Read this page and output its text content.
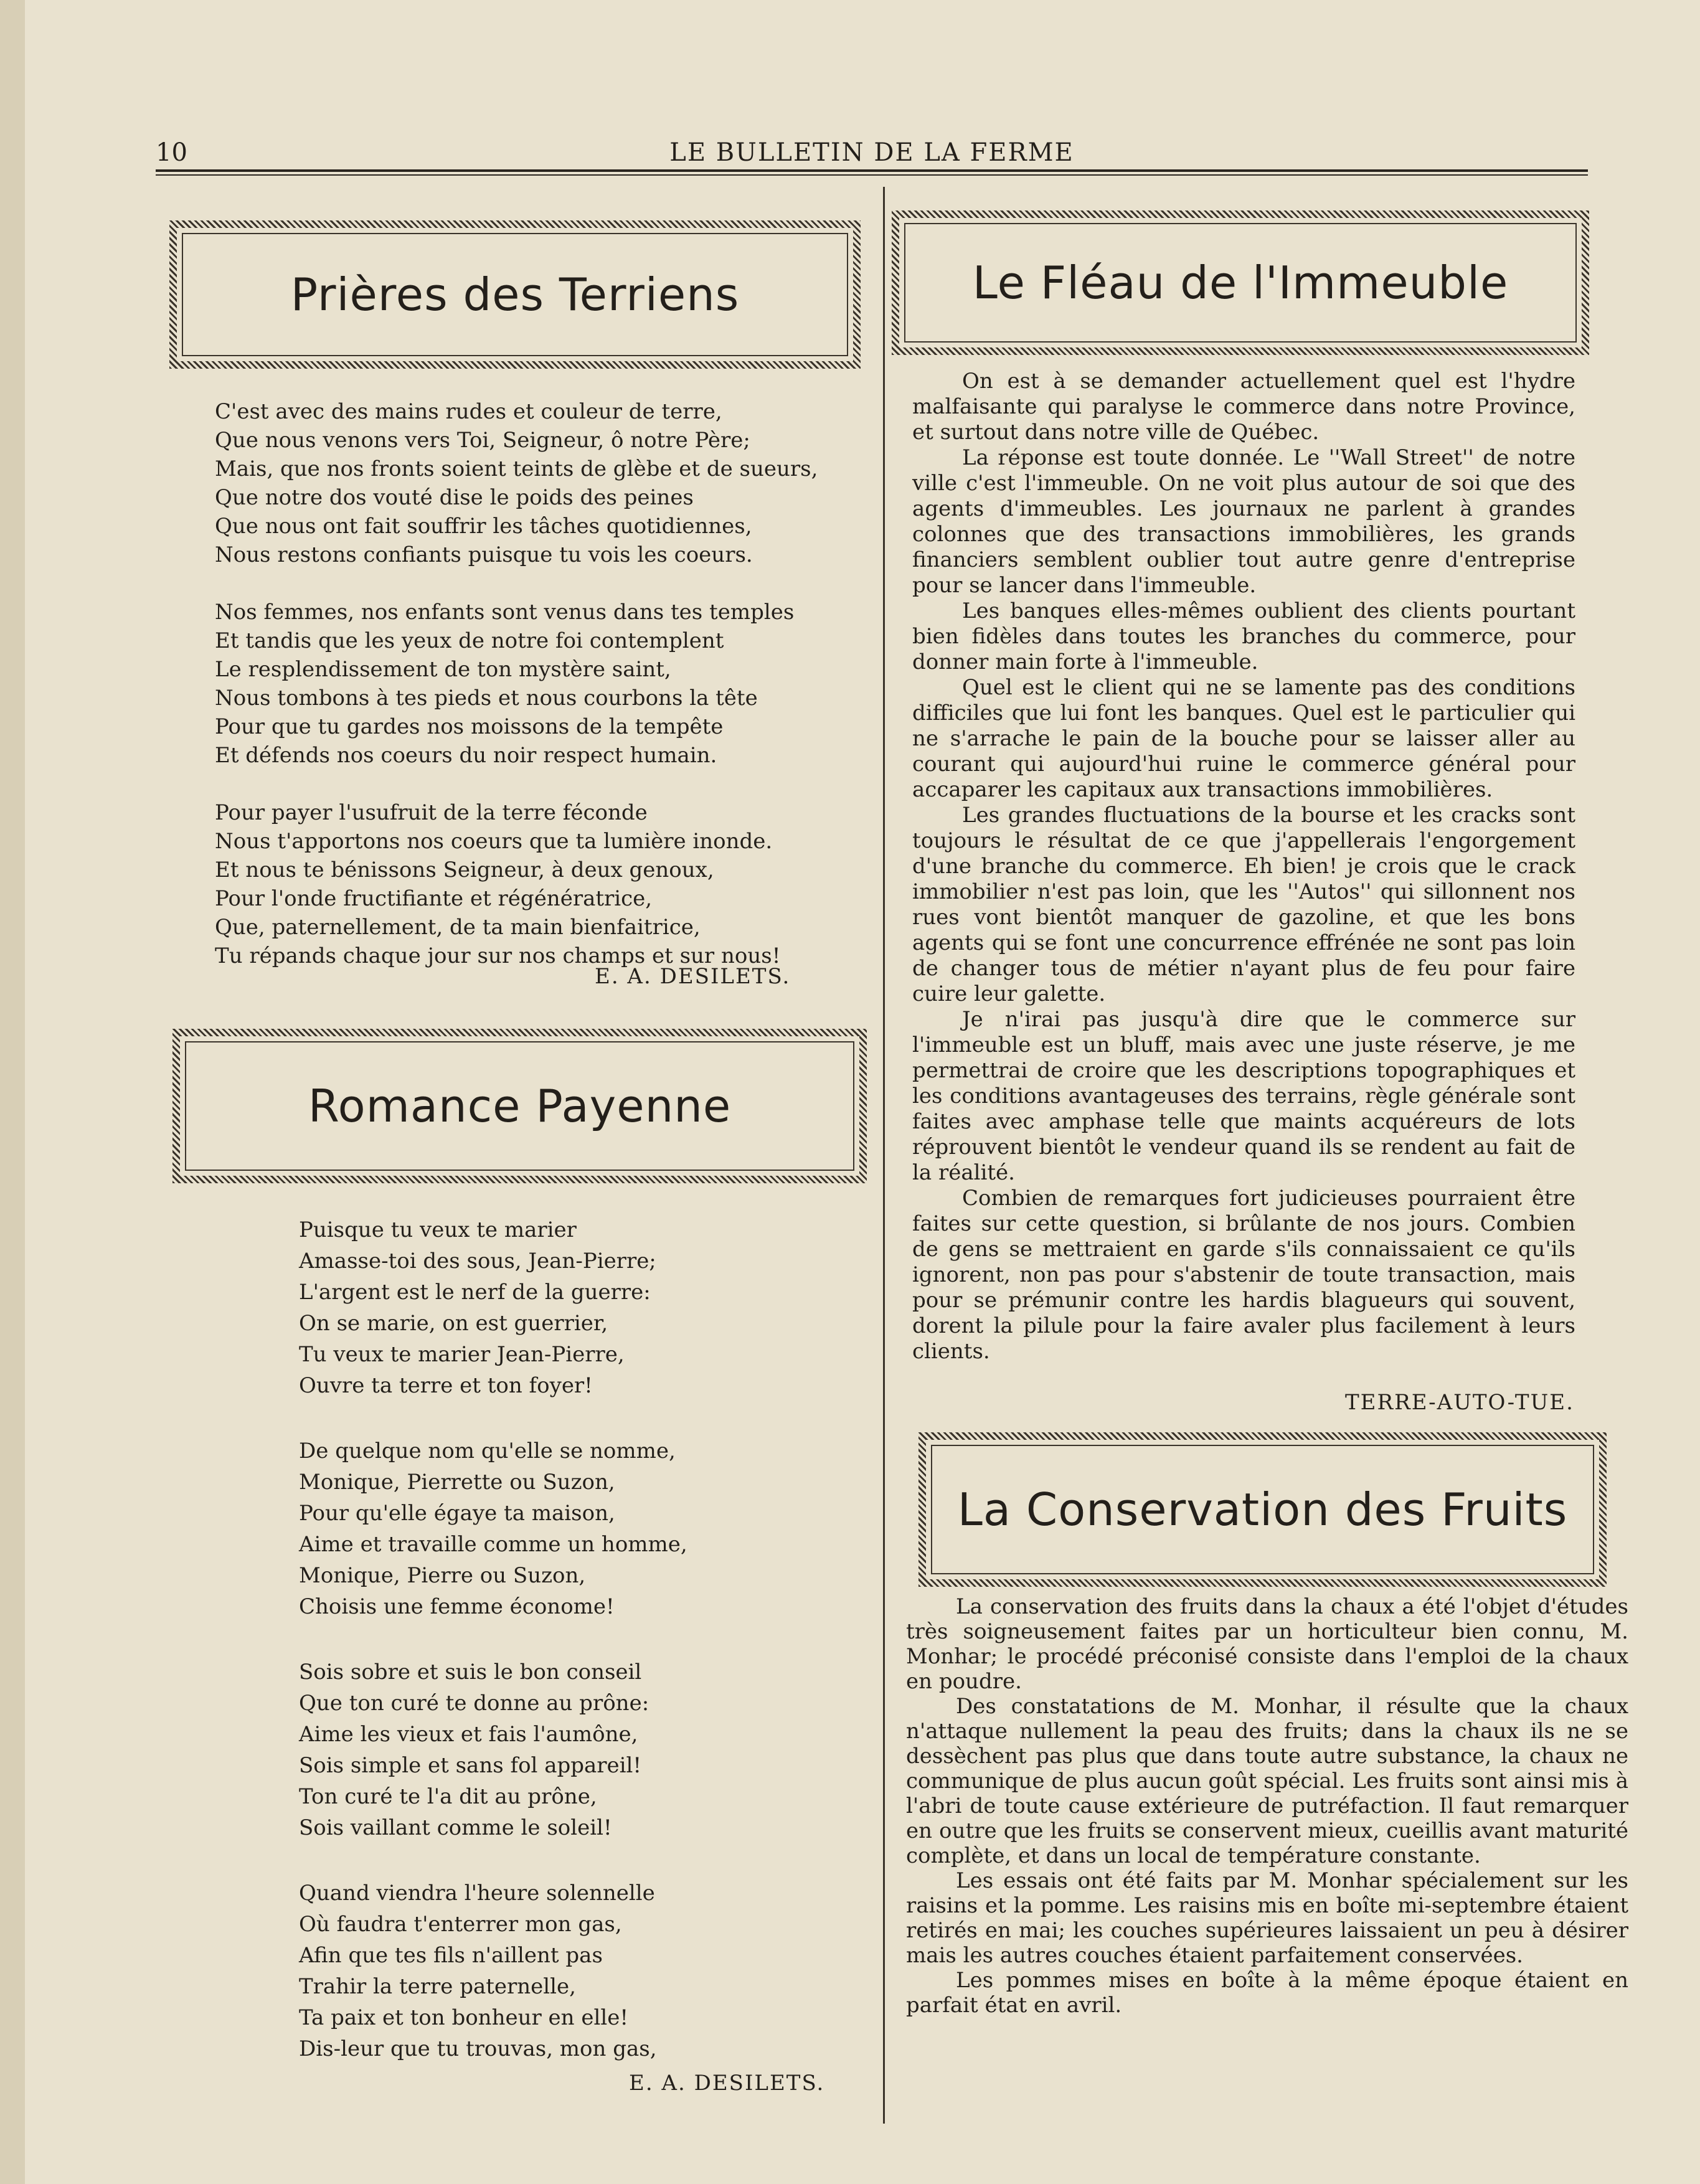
LE BULLETIN DE LA FERME
10
Prières des Terriens
C'est avec des mains rudes et couleur de terre,
Que nous venons vers Toi, Seigneur, ô notre Père;
Mais, que nos fronts soient teints de glèbe et de sueurs,
Que notre dos vouté dise le poids des peines
Que nous ont fait souffrir les tâches quotidiennes,
Nous restons confiants puisque tu vois les coeurs.
Nos femmes, nos enfants sont venus dans tes temples
Et tandis que les yeux de notre foi contemplent
Le resplendissement de ton mystère saint,
Nous tombons à tes pieds et nous courbons la tête
Pour que tu gardes nos moissons de la tempête
Et défends nos coeurs du noir respect humain.
Pour payer l'usufruit de la terre féconde
Nous t'apportons nos coeurs que ta lumière inonde.
Et nous te bénissons Seigneur, à deux genoux,
Pour l'onde fructifiante et régénératrice,
Que, paternellement, de ta main bienfaitrice,
Tu répands chaque jour sur nos champs et sur nous!
E. A. DESILETS.
Romance Payenne
Puisque tu veux te marier
Amasse-toi des sous, Jean-Pierre;
L'argent est le nerf de la guerre:
On se marie, on est guerrier,
Tu veux te marier Jean-Pierre,
Ouvre ta terre et ton foyer!
De quelque nom qu'elle se nomme,
Monique, Pierrette ou Suzon,
Pour qu'elle égaye ta maison,
Aime et travaille comme un homme,
Monique, Pierre ou Suzon,
Choisis une femme économe!
Sois sobre et suis le bon conseil
Que ton curé te donne au prône:
Aime les vieux et fais l'aumône,
Sois simple et sans fol appareil!
Ton curé te l'a dit au prône,
Sois vaillant comme le soleil!
Quand viendra l'heure solennelle
Où faudra t'enterrer mon gas,
Afin que tes fils n'aillent pas
Trahir la terre paternelle,
Ta paix et ton bonheur en elle!
Dis-leur que tu trouvas, mon gas,
E. A. DESILETS.
Le Fléau de l'Immeuble

On est à se demander actuellement quel est l'hydre malfaisante qui paralyse le commerce dans notre Province, et surtout dans notre ville de Québec.

La réponse est toute donnée. Le ''Wall Street'' de notre ville c'est l'immeuble. On ne voit plus autour de soi que des agents d'immeubles. Les journaux ne parlent à grandes colonnes que des transactions immobilières, les grands financiers semblent oublier tout autre genre d'entreprise pour se lancer dans l'immeuble.

Les banques elles-mêmes oublient des clients pourtant bien fidèles dans toutes les branches du commerce, pour donner main forte à l'immeuble.

Quel est le client qui ne se lamente pas des conditions difficiles que lui font les banques. Quel est le particulier qui ne s'arrache le pain de la bouche pour se laisser aller au courant qui aujourd'hui ruine le commerce général pour accaparer les capitaux aux transactions immobilières.

Les grandes fluctuations de la bourse et les cracks sont toujours le résultat de ce que j'appellerais l'engorgement d'une branche du commerce. Eh bien! je crois que le crack immobilier n'est pas loin, que les ''Autos'' qui sillonnent nos rues vont bientôt manquer de gazoline, et que les bons agents qui se font une concurrence effrénée ne sont pas loin de changer tous de métier n'ayant plus de feu pour faire cuire leur galette.

Je n'irai pas jusqu'à dire que le commerce sur l'immeuble est un bluff, mais avec une juste réserve, je me permettrai de croire que les descriptions topographiques et les conditions avantageuses des terrains, règle générale sont faites avec amphase telle que maints acquéreurs de lots réprouvent bientôt le vendeur quand ils se rendent au fait de la réalité.

Combien de remarques fort judicieuses pourraient être faites sur cette question, si brûlante de nos jours. Combien de gens se mettraient en garde s'ils connaissaient ce qu'ils ignorent, non pas pour s'abstenir de toute transaction, mais pour se prémunir contre les hardis blagueurs qui souvent, dorent la pilule pour la faire avaler plus facilement à leurs clients.

TERRE-AUTO-TUE.
La Conservation des Fruits

La conservation des fruits dans la chaux a été l'objet d'études très soigneusement faites par un horticulteur bien connu, M. Monhar; le procédé préconisé consiste dans l'emploi de la chaux en poudre.

Des constatations de M. Monhar, il résulte que la chaux n'attaque nullement la peau des fruits; dans la chaux ils ne se dessèchent pas plus que dans toute autre substance, la chaux ne communique de plus aucun goût spécial. Les fruits sont ainsi mis à l'abri de toute cause extérieure de putréfaction. Il faut remarquer en outre que les fruits se conservent mieux, cueillis avant maturité complète, et dans un local de température constante.

Les essais ont été faits par M. Monhar spécialement sur les raisins et la pomme. Les raisins mis en boîte mi-septembre étaient retirés en mai; les couches supérieures laissaient un peu à désirer mais les autres couches étaient parfaitement conservées.

Les pommes mises en boîte à la même époque étaient en parfait état en avril.
